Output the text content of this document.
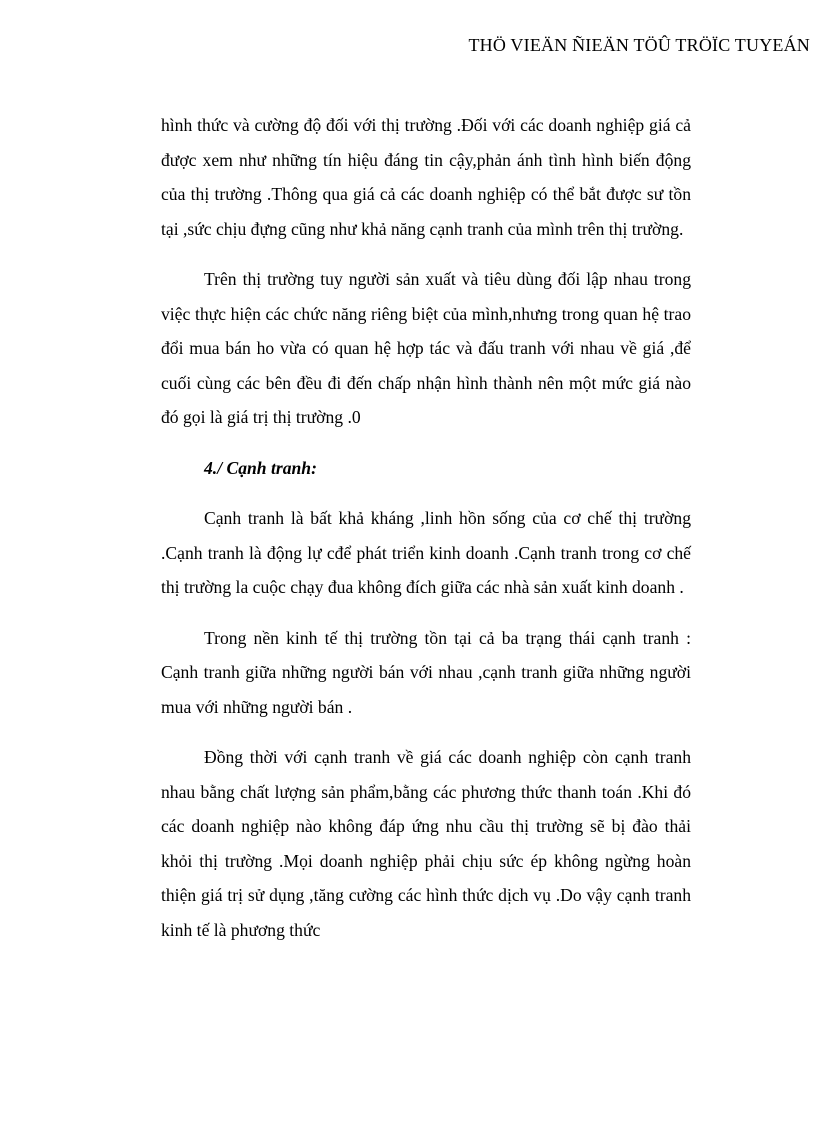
THÖ VIEÄN ÑIEÄN TÖÛ TRÖÏC TUYEÁN

hình thức và cường độ đối với thị trường .Đối với các doanh nghiệp giá cả được xem như những tín hiệu đáng tin cậy,phản ánh tình hình biến động của thị trường .Thông qua giá cả các doanh nghiệp có thể bắt được sư tồn tại ,sức chịu đựng cũng như khả năng cạnh tranh của mình trên thị trường.

Trên thị trường tuy người sản xuất và tiêu dùng đối lập nhau trong việc thực hiện các chức năng riêng biệt của mình,nhưng trong quan hệ trao đổi mua bán ho vừa có quan hệ hợp tác và đấu tranh với nhau về giá ,để cuối cùng các bên đều đi đến chấp nhận hình thành nên một mức giá nào đó gọi là giá trị thị trường .0

4./ Cạnh tranh:

Cạnh tranh là bất khả kháng ,linh hồn sống của cơ chế thị trường .Cạnh tranh là động lự cđể phát triển kinh doanh .Cạnh tranh trong cơ chế thị trường la cuộc chạy đua không đích giữa các nhà sản xuất kinh doanh .

Trong nền kinh tế thị trường tồn tại cả ba trạng thái cạnh tranh : Cạnh tranh giữa những người bán với nhau ,cạnh tranh giữa những người mua với những người bán .

Đồng thời với cạnh tranh về giá các doanh nghiệp còn cạnh tranh nhau bằng chất lượng sản phẩm,bằng các phương thức thanh toán .Khi đó các doanh nghiệp nào không đáp ứng nhu cầu thị trường sẽ bị đào thải khỏi thị trường .Mọi doanh nghiệp phải chịu sức ép không ngừng hoàn thiện giá trị sử dụng ,tăng cường các hình thức dịch vụ .Do vậy cạnh tranh kinh tế là phương thức
